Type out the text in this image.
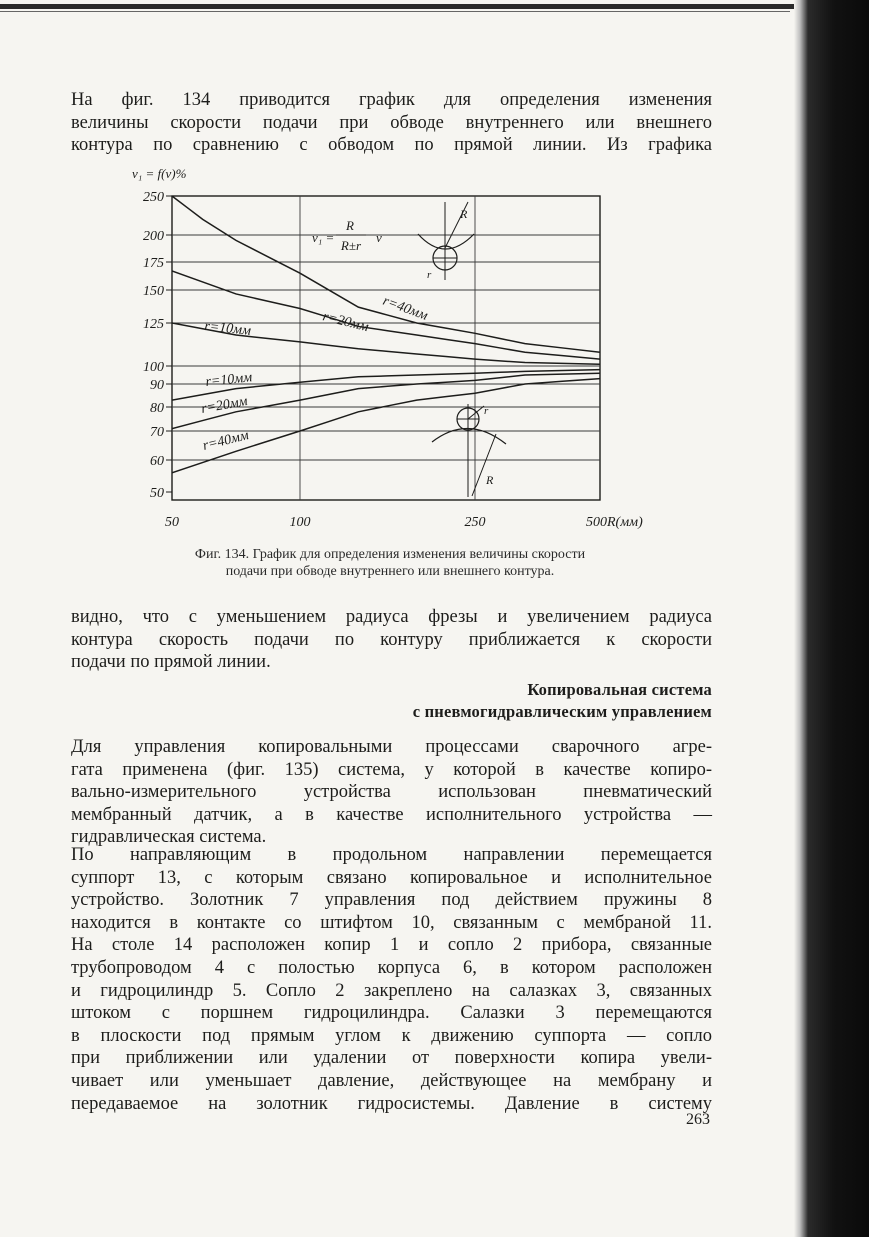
На фиг. 134 приводится график для определения изменения
величины скорости подачи при обводе внутреннего или внешнего
контура по сравнению с обводом по прямой линии. Из графика
50
60
70
80
90
100
125
150
175
200
250
50	100	250	500R(мм)
v₁ = f(v)%
r=40мм
r=20мм
r=10мм
r=10мм
r=20мм
r=40мм
v₁ =
R
R±r
v
R
r
r
R
Фиг. 134. График для определения изменения величины скорости
подачи при обводе внутреннего или внешнего контура.
видно, что с уменьшением радиуса фрезы и увеличением радиуса
контура скорость подачи по контуру приближается к скорости
подачи по прямой линии.
Копировальная система
с пневмогидравлическим управлением
Для управления копировальными процессами сварочного агре-
гата применена (фиг. 135) система, у которой в качестве копиро-
вально-измерительного устройства использован пневматический
мембранный датчик, а в качестве исполнительного устройства —
гидравлическая система.
По направляющим в продольном направлении перемещается
суппорт 13, с которым связано копировальное и исполнительное
устройство. Золотник 7 управления под действием пружины 8
находится в контакте со штифтом 10, связанным с мембраной 11.
На столе 14 расположен копир 1 и сопло 2 прибора, связанные
трубопроводом 4 с полостью корпуса 6, в котором расположен
и гидроцилиндр 5. Сопло 2 закреплено на салазках 3, связанных
штоком с поршнем гидроцилиндра. Салазки 3 перемещаются
в плоскости под прямым углом к движению суппорта — сопло
при приближении или удалении от поверхности копира увели-
чивает или уменьшает давление, действующее на мембрану и
передаваемое на золотник гидросистемы. Давление в систему
263
